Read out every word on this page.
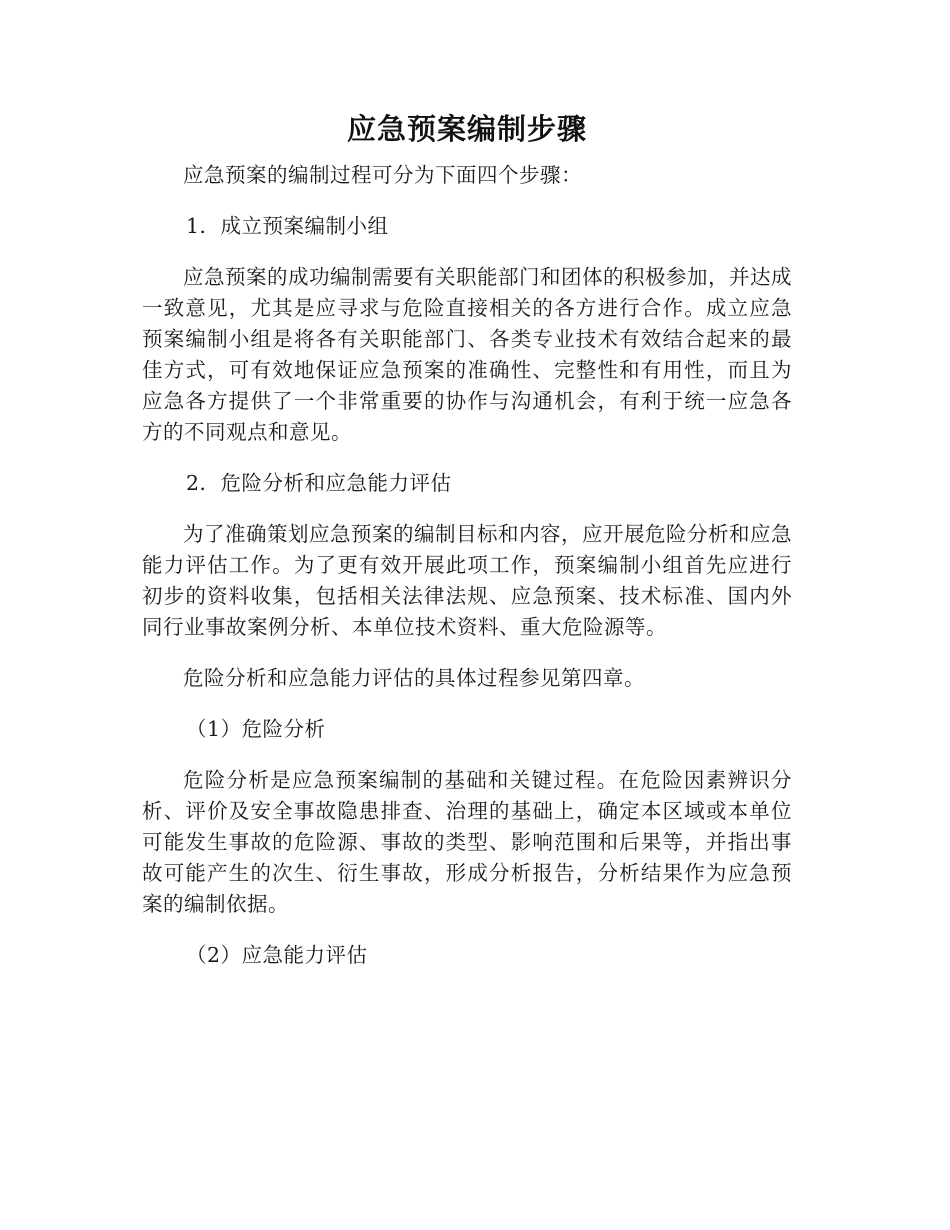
应急预案编制步骤

应急预案的编制过程可分为下面四个步骤：

1．成立预案编制小组

应急预案的成功编制需要有关职能部门和团体的积极参加，并达成一致意见，尤其是应寻求与危险直接相关的各方进行合作。成立应急预案编制小组是将各有关职能部门、各类专业技术有效结合起来的最佳方式，可有效地保证应急预案的准确性、完整性和有用性，而且为应急各方提供了一个非常重要的协作与沟通机会，有利于统一应急各方的不同观点和意见。

2．危险分析和应急能力评估

为了准确策划应急预案的编制目标和内容，应开展危险分析和应急能力评估工作。为了更有效开展此项工作，预案编制小组首先应进行初步的资料收集，包括相关法律法规、应急预案、技术标准、国内外同行业事故案例分析、本单位技术资料、重大危险源等。

危险分析和应急能力评估的具体过程参见第四章。

（1）危险分析

危险分析是应急预案编制的基础和关键过程。在危险因素辨识分析、评价及安全事故隐患排查、治理的基础上，确定本区域或本单位可能发生事故的危险源、事故的类型、影响范围和后果等，并指出事故可能产生的次生、衍生事故，形成分析报告，分析结果作为应急预案的编制依据。

（2）应急能力评估
